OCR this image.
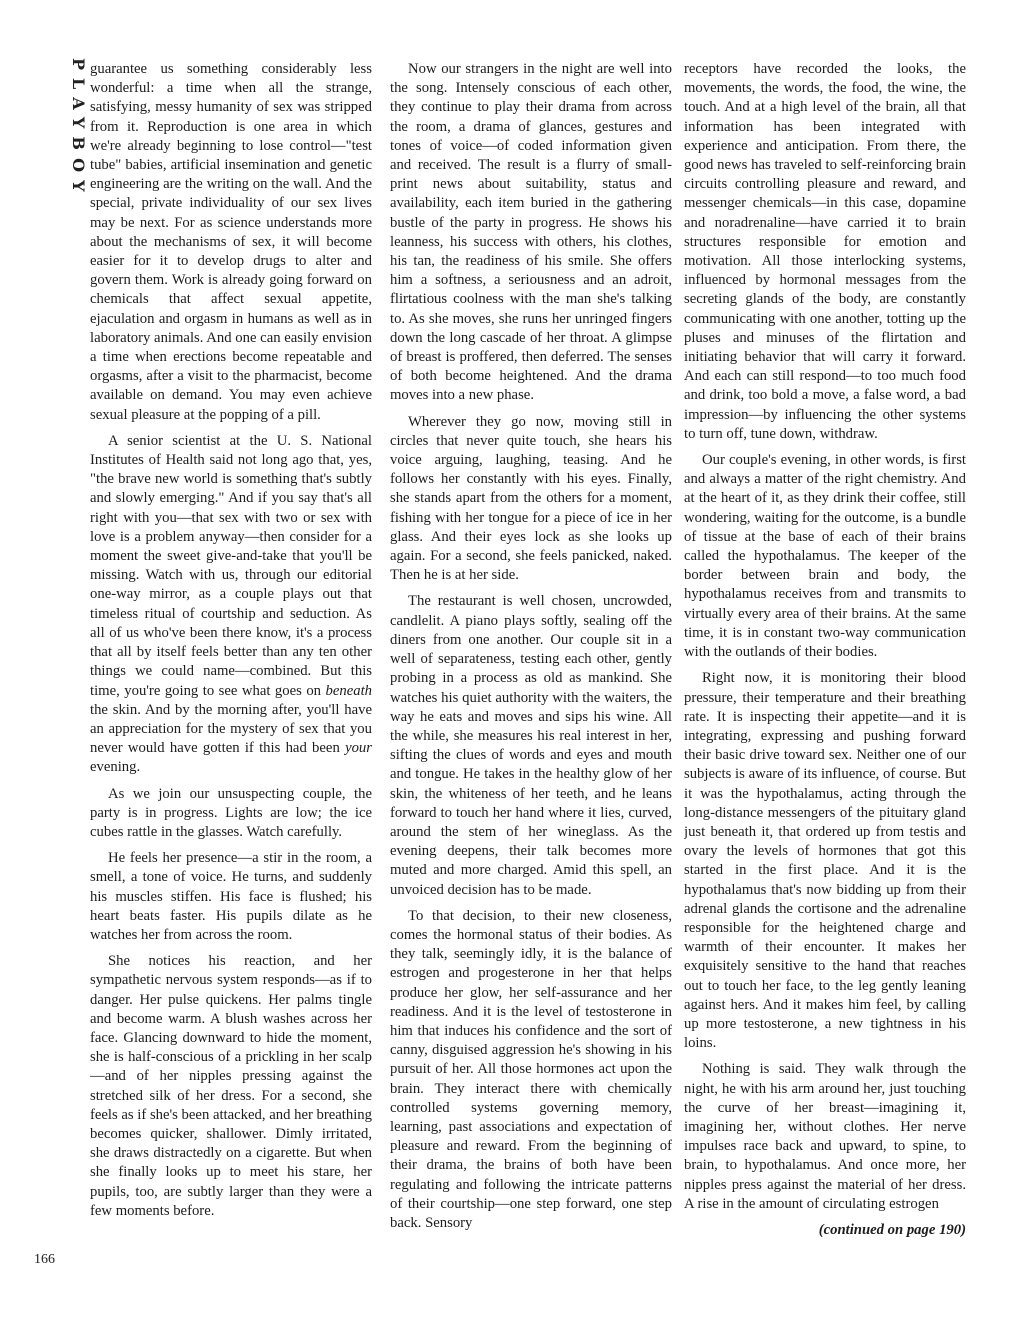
PLAYBOY
166

guarantee us something considerably less wonderful: a time when all the strange, satisfying, messy humanity of sex was stripped from it. Reproduction is one area in which we're already beginning to lose control—"test tube" babies, artificial insemination and genetic engineering are the writing on the wall. And the special, private individuality of our sex lives may be next. For as science understands more about the mechanisms of sex, it will become easier for it to develop drugs to alter and govern them. Work is already going forward on chemicals that affect sexual appetite, ejaculation and orgasm in humans as well as in laboratory animals. And one can easily envision a time when erections become repeatable and orgasms, after a visit to the pharmacist, become available on demand. You may even achieve sexual pleasure at the popping of a pill.

A senior scientist at the U. S. National Institutes of Health said not long ago that, yes, "the brave new world is something that's subtly and slowly emerging." And if you say that's all right with you—that sex with two or sex with love is a problem anyway—then consider for a moment the sweet give-and-take that you'll be missing. Watch with us, through our editorial one-way mirror, as a couple plays out that timeless ritual of courtship and seduction. As all of us who've been there know, it's a process that all by itself feels better than any ten other things we could name—combined. But this time, you're going to see what goes on beneath the skin. And by the morning after, you'll have an appreciation for the mystery of sex that you never would have gotten if this had been your evening.

As we join our unsuspecting couple, the party is in progress. Lights are low; the ice cubes rattle in the glasses. Watch carefully.

He feels her presence—a stir in the room, a smell, a tone of voice. He turns, and suddenly his muscles stiffen. His face is flushed; his heart beats faster. His pupils dilate as he watches her from across the room.

She notices his reaction, and her sympathetic nervous system responds—as if to danger. Her pulse quickens. Her palms tingle and become warm. A blush washes across her face. Glancing downward to hide the moment, she is half-conscious of a prickling in her scalp—and of her nipples pressing against the stretched silk of her dress. For a second, she feels as if she's been attacked, and her breathing becomes quicker, shallower. Dimly irritated, she draws distractedly on a cigarette. But when she finally looks up to meet his stare, her pupils, too, are subtly larger than they were a few moments before.

Now our strangers in the night are well into the song. Intensely conscious of each other, they continue to play their drama from across the room, a drama of glances, gestures and tones of voice—of coded information given and received. The result is a flurry of small-print news about suitability, status and availability, each item buried in the gathering bustle of the party in progress. He shows his leanness, his success with others, his clothes, his tan, the readiness of his smile. She offers him a softness, a seriousness and an adroit, flirtatious coolness with the man she's talking to. As she moves, she runs her unringed fingers down the long cascade of her throat. A glimpse of breast is proffered, then deferred. The senses of both become heightened. And the drama moves into a new phase.

Wherever they go now, moving still in circles that never quite touch, she hears his voice arguing, laughing, teasing. And he follows her constantly with his eyes. Finally, she stands apart from the others for a moment, fishing with her tongue for a piece of ice in her glass. And their eyes lock as she looks up again. For a second, she feels panicked, naked. Then he is at her side.

The restaurant is well chosen, uncrowded, candlelit. A piano plays softly, sealing off the diners from one another. Our couple sit in a well of separateness, testing each other, gently probing in a process as old as mankind. She watches his quiet authority with the waiters, the way he eats and moves and sips his wine. All the while, she measures his real interest in her, sifting the clues of words and eyes and mouth and tongue. He takes in the healthy glow of her skin, the whiteness of her teeth, and he leans forward to touch her hand where it lies, curved, around the stem of her wineglass. As the evening deepens, their talk becomes more muted and more charged. Amid this spell, an unvoiced decision has to be made.

To that decision, to their new closeness, comes the hormonal status of their bodies. As they talk, seemingly idly, it is the balance of estrogen and progesterone in her that helps produce her glow, her self-assurance and her readiness. And it is the level of testosterone in him that induces his confidence and the sort of canny, disguised aggression he's showing in his pursuit of her. All those hormones act upon the brain. They interact there with chemically controlled systems governing memory, learning, past associations and expectation of pleasure and reward. From the beginning of their drama, the brains of both have been regulating and following the intricate patterns of their courtship—one step forward, one step back. Sensory

receptors have recorded the looks, the movements, the words, the food, the wine, the touch. And at a high level of the brain, all that information has been integrated with experience and anticipation. From there, the good news has traveled to self-reinforcing brain circuits controlling pleasure and reward, and messenger chemicals—in this case, dopamine and noradrenaline—have carried it to brain structures responsible for emotion and motivation. All those interlocking systems, influenced by hormonal messages from the secreting glands of the body, are constantly communicating with one another, totting up the pluses and minuses of the flirtation and initiating behavior that will carry it forward. And each can still respond—to too much food and drink, too bold a move, a false word, a bad impression—by influencing the other systems to turn off, tune down, withdraw.

Our couple's evening, in other words, is first and always a matter of the right chemistry. And at the heart of it, as they drink their coffee, still wondering, waiting for the outcome, is a bundle of tissue at the base of each of their brains called the hypothalamus. The keeper of the border between brain and body, the hypothalamus receives from and transmits to virtually every area of their brains. At the same time, it is in constant two-way communication with the outlands of their bodies.

Right now, it is monitoring their blood pressure, their temperature and their breathing rate. It is inspecting their appetite—and it is integrating, expressing and pushing forward their basic drive toward sex. Neither one of our subjects is aware of its influence, of course. But it was the hypothalamus, acting through the long-distance messengers of the pituitary gland just beneath it, that ordered up from testis and ovary the levels of hormones that got this started in the first place. And it is the hypothalamus that's now bidding up from their adrenal glands the cortisone and the adrenaline responsible for the heightened charge and warmth of their encounter. It makes her exquisitely sensitive to the hand that reaches out to touch her face, to the leg gently leaning against hers. And it makes him feel, by calling up more testosterone, a new tightness in his loins.

Nothing is said. They walk through the night, he with his arm around her, just touching the curve of her breast—imagining it, imagining her, without clothes. Her nerve impulses race back and upward, to spine, to brain, to hypothalamus. And once more, her nipples press against the material of her dress. A rise in the amount of circulating estrogen

(continued on page 190)
